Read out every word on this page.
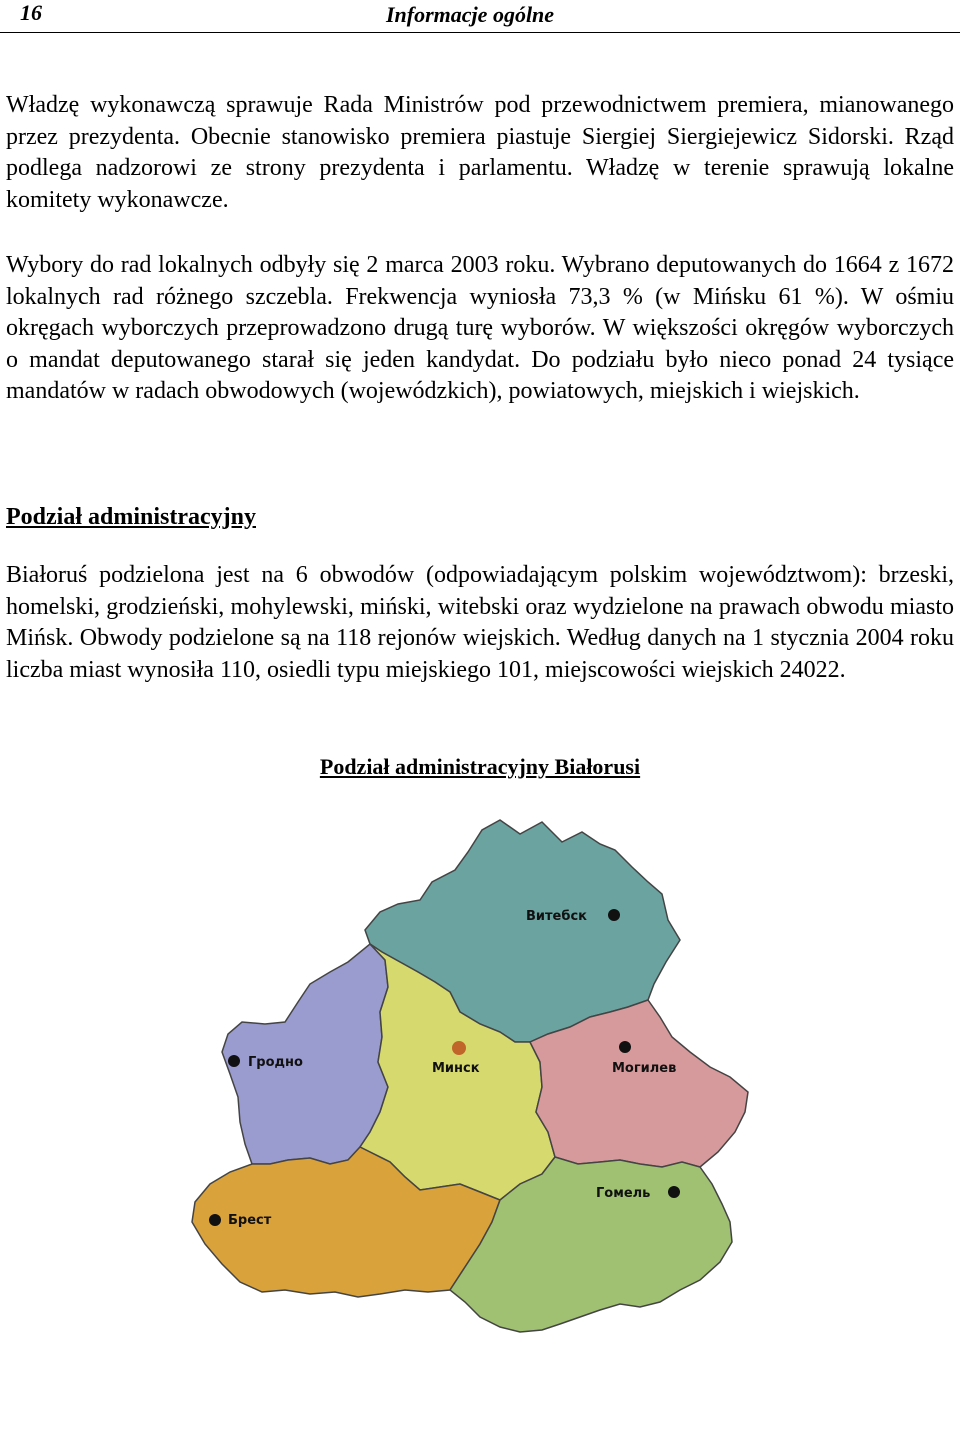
16	Informacje ogólne

Władzę wykonawczą sprawuje Rada Ministrów pod przewodnictwem premiera, mianowanego przez prezydenta. Obecnie stanowisko premiera piastuje Siergiej Siergiejewicz Sidorski. Rząd podlega nadzorowi ze strony prezydenta i parlamentu. Władzę w terenie sprawują lokalne komitety wykonawcze.

Wybory do rad lokalnych odbyły się 2 marca 2003 roku. Wybrano deputowanych do 1664 z 1672 lokalnych rad różnego szczebla. Frekwencja wyniosła 73,3 % (w Mińsku 61 %). W ośmiu okręgach wyborczych przeprowadzono drugą turę wyborów. W większości okręgów wyborczych o mandat deputowanego starał się jeden kandydat. Do podziału było nieco ponad 24 tysiące mandatów w radach obwodowych (wojewódzkich), powiatowych, miejskich i wiejskich.

Podział administracyjny

Białoruś podzielona jest na 6 obwodów (odpowiadającym polskim województwom): brzeski, homelski, grodzieński, mohylewski, miński, witebski oraz wydzielone na prawach obwodu miasto Mińsk. Obwody podzielone są na 118 rejonów wiejskich. Według danych na 1 stycznia 2004 roku liczba miast wynosiła 110, osiedli typu miejskiego 101, miejscowości wiejskich 24022.

Podział administracyjny Białorusi
Витебск
Гродно	Минск	Могилев
Брест
Гомель
